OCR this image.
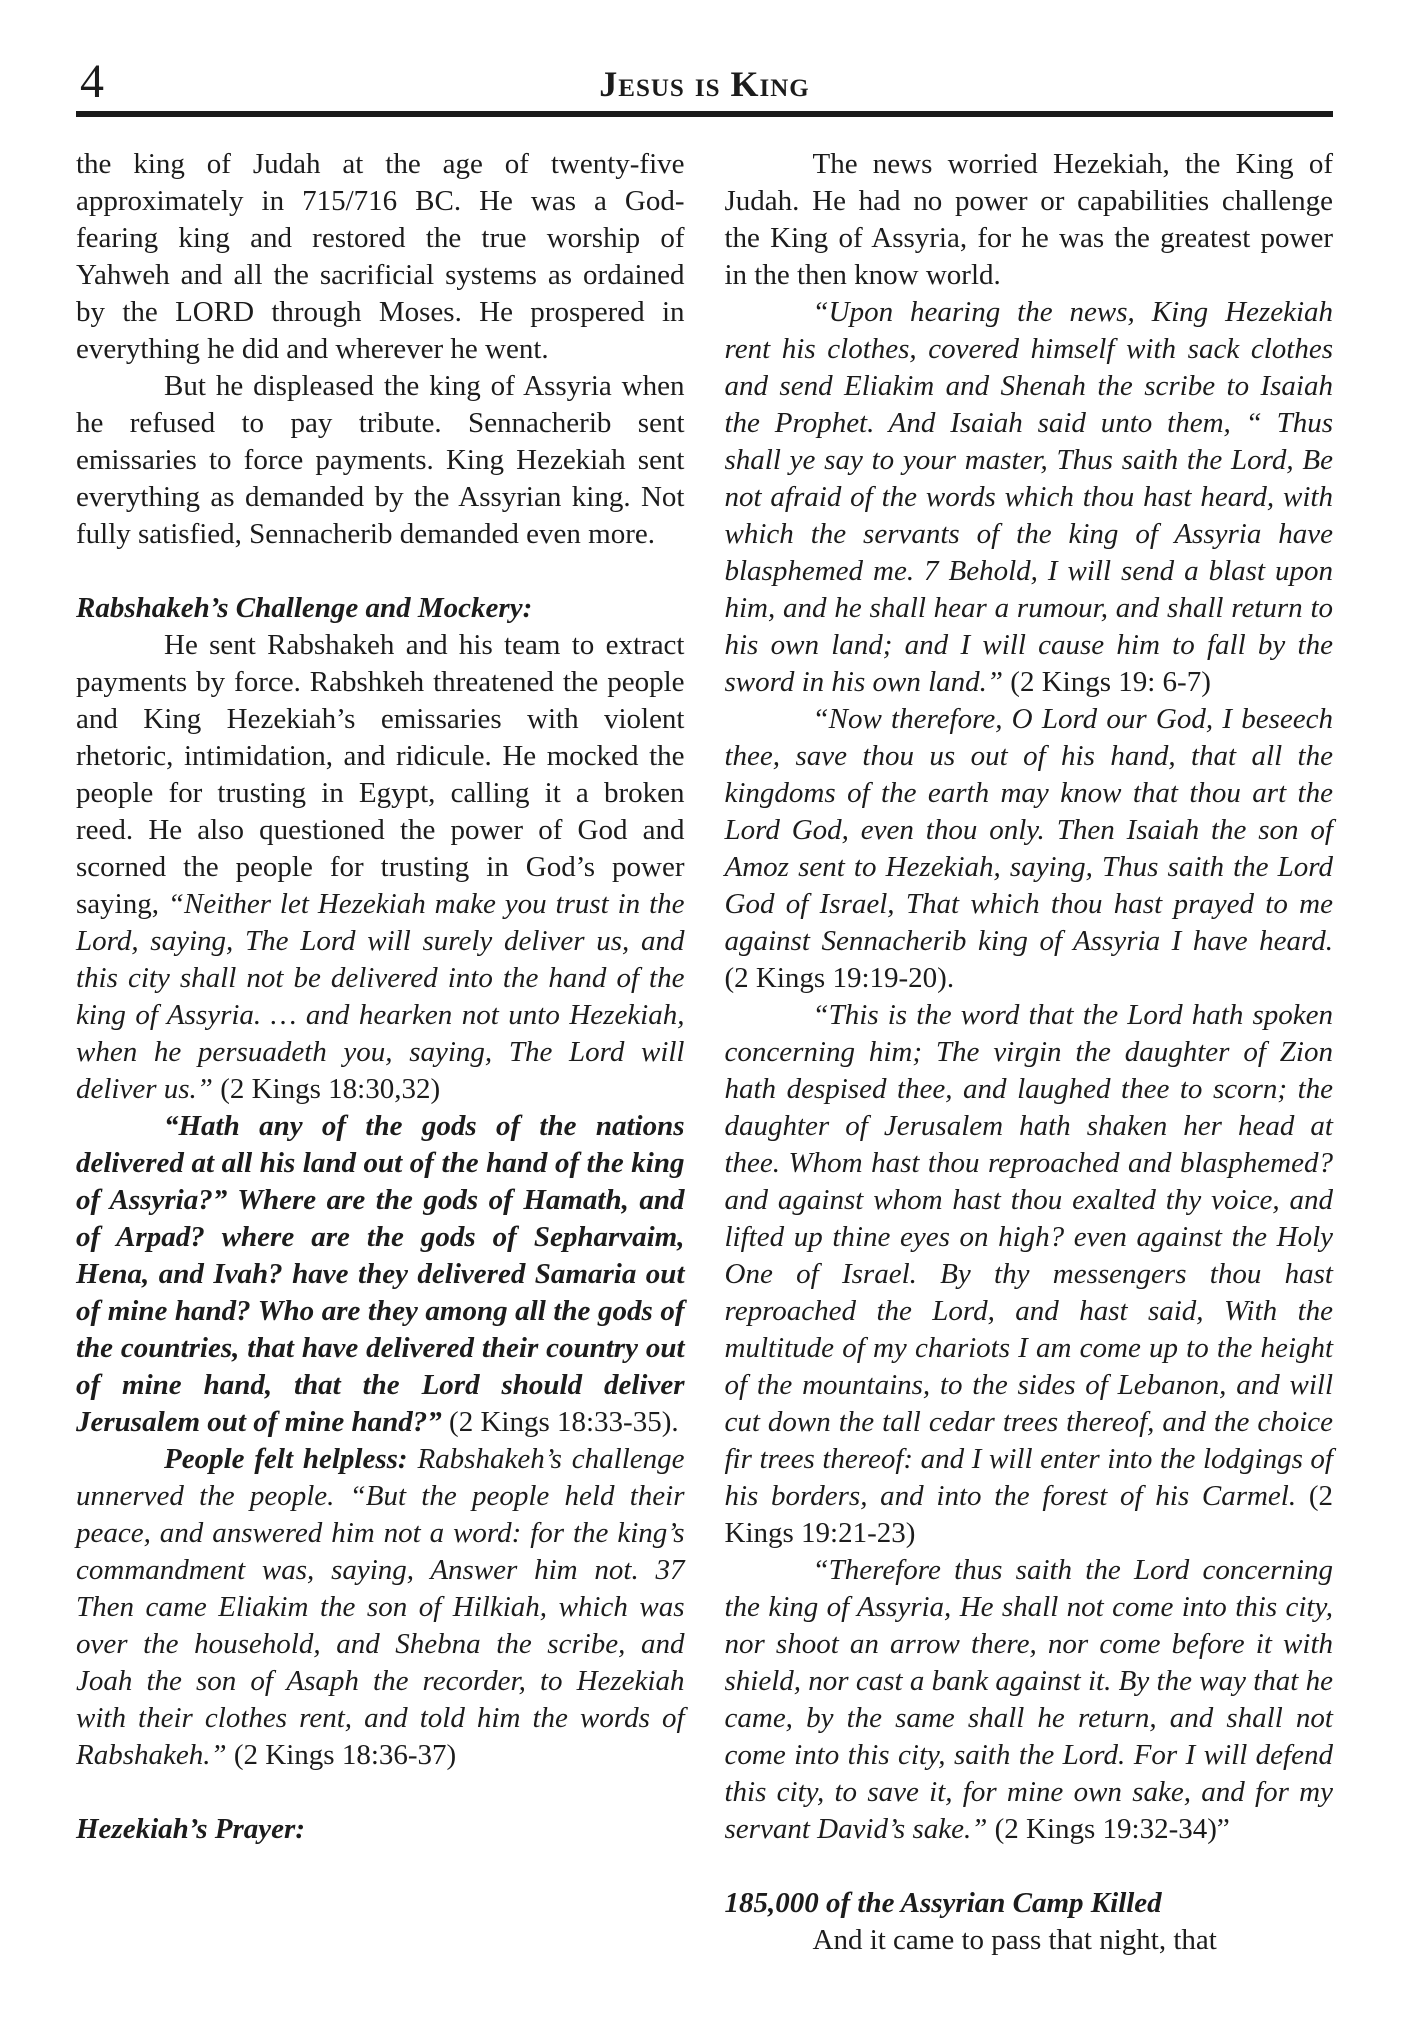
4	Jesus is King

the king of Judah at the age of twenty-five approximately in 715/716 BC. He was a God-fearing king and restored the true worship of Yahweh and all the sacrificial systems as ordained by the LORD through Moses. He prospered in everything he did and wherever he went.

But he displeased the king of Assyria when he refused to pay tribute. Sennacherib sent emissaries to force payments. King Hezekiah sent everything as demanded by the Assyrian king. Not fully satisfied, Sennacherib demanded even more.

Rabshakeh’s Challenge and Mockery:

He sent Rabshakeh and his team to extract payments by force. Rabshkeh threatened the people and King Hezekiah’s emissaries with violent rhetoric, intimidation, and ridicule. He mocked the people for trusting in Egypt, calling it a broken reed. He also questioned the power of God and scorned the people for trusting in God’s power saying, “Neither let Hezekiah make you trust in the Lord, saying, The Lord will surely deliver us, and this city shall not be delivered into the hand of the king of Assyria. … and hearken not unto Hezekiah, when he persuadeth you, saying, The Lord will deliver us.” (2 Kings 18:30,32)

“Hath any of the gods of the nations delivered at all his land out of the hand of the king of Assyria?” Where are the gods of Hamath, and of Arpad? where are the gods of Sepharvaim, Hena, and Ivah? have they delivered Samaria out of mine hand? Who are they among all the gods of the countries, that have delivered their country out of mine hand, that the Lord should deliver Jerusalem out of mine hand?” (2 Kings 18:33-35).

People felt helpless: Rabshakeh’s challenge unnerved the people. “But the people held their peace, and answered him not a word: for the king’s commandment was, saying, Answer him not. 37 Then came Eliakim the son of Hilkiah, which was over the household, and Shebna the scribe, and Joah the son of Asaph the recorder, to Hezekiah with their clothes rent, and told him the words of Rabshakeh.” (2 Kings 18:36-37)

Hezekiah’s Prayer:

The news worried Hezekiah, the King of Judah. He had no power or capabilities challenge the King of Assyria, for he was the greatest power in the then know world.

“Upon hearing the news, King Hezekiah rent his clothes, covered himself with sack clothes and send Eliakim and Shenah the scribe to Isaiah the Prophet. And Isaiah said unto them, “ Thus shall ye say to your master, Thus saith the Lord, Be not afraid of the words which thou hast heard, with which the servants of the king of Assyria have blasphemed me. 7 Behold, I will send a blast upon him, and he shall hear a rumour, and shall return to his own land; and I will cause him to fall by the sword in his own land.” (2 Kings 19: 6-7)

“Now therefore, O Lord our God, I beseech thee, save thou us out of his hand, that all the kingdoms of the earth may know that thou art the Lord God, even thou only. Then Isaiah the son of Amoz sent to Hezekiah, saying, Thus saith the Lord God of Israel, That which thou hast prayed to me against Sennacherib king of Assyria I have heard. (2 Kings 19:19-20).

“This is the word that the Lord hath spoken concerning him; The virgin the daughter of Zion hath despised thee, and laughed thee to scorn; the daughter of Jerusalem hath shaken her head at thee. Whom hast thou reproached and blasphemed? and against whom hast thou exalted thy voice, and lifted up thine eyes on high? even against the Holy One of Israel. By thy messengers thou hast reproached the Lord, and hast said, With the multitude of my chariots I am come up to the height of the mountains, to the sides of Lebanon, and will cut down the tall cedar trees thereof, and the choice fir trees thereof: and I will enter into the lodgings of his borders, and into the forest of his Carmel. (2 Kings 19:21-23)

“Therefore thus saith the Lord concerning the king of Assyria, He shall not come into this city, nor shoot an arrow there, nor come before it with shield, nor cast a bank against it. By the way that he came, by the same shall he return, and shall not come into this city, saith the Lord. For I will defend this city, to save it, for mine own sake, and for my servant David’s sake.” (2 Kings 19:32-34)”

185,000 of the Assyrian Camp Killed

And it came to pass that night, that
